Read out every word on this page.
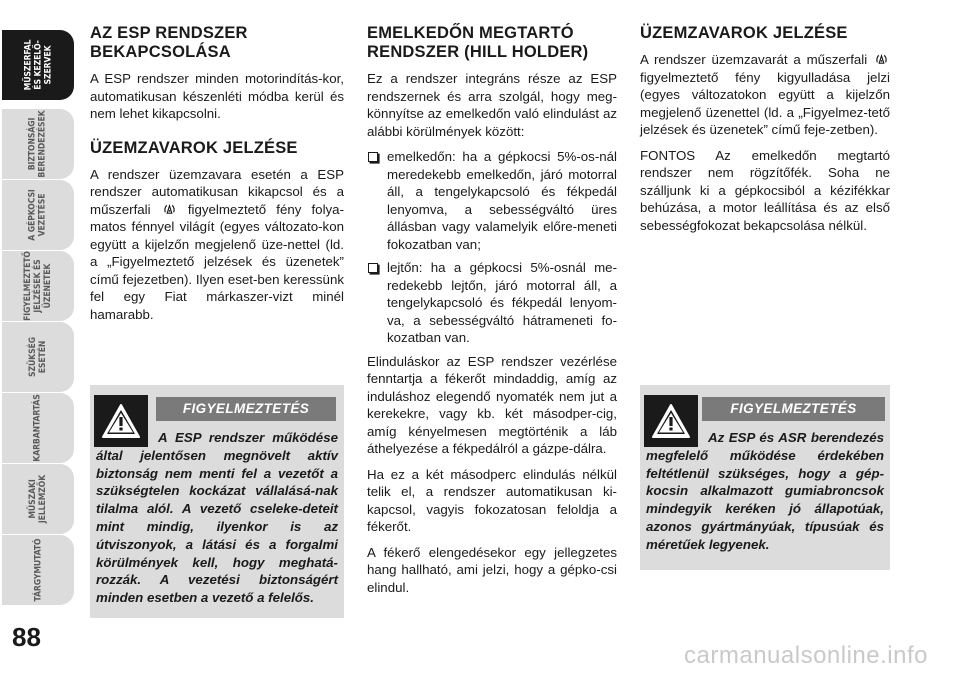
MŰSZERFAL
ÉS KEZELŐ-
SZERVEK
BIZTONSÁGI
BERENDEZÉSEK
A GÉPKOCSI
VEZETÉSE
FIGYELMEZTETŐ
JELZÉSEK ÉS
ÜZENETEK
SZÜKSÉG
ESETÉN
KARBANTARTÁS
MŰSZAKI
JELLEMZŐK
TÁRGYMUTATÓ
88
AZ ESP RENDSZER BEKAPCSOLÁSA

A ESP rendszer minden motorindítás-kor, automatikusan készenléti módba kerül és nem lehet kikapcsolni.

ÜZEMZAVAROK JELZÉSE

A rendszer üzemzavara esetén a ESP rendszer automatikusan kikapcsol és a műszerfali	figyelmeztető fény folya-matos fénnyel világít (egyes változato-kon együtt a kijelzőn megjelenő üze-nettel (ld. a „Figyelmeztető jelzések és üzenetek” című fejezetben). Ilyen eset-ben keressünk fel egy Fiat márkaszer-vizt minél hamarabb.

FIGYELMEZTETÉS
A ESP rendszer működése által jelentősen megnövelt aktív biztonság nem menti fel a vezetőt a szükségtelen kockázat vállalásá-nak tilalma alól. A vezető cseleke-deteit mint mindig, ilyenkor is az útviszonyok, a látási és a forgalmi körülmények kell, hogy meghatá-rozzák. A vezetési biztonságért minden esetben a vezető a felelős.
EMELKEDŐN MEGTARTÓ RENDSZER (HILL HOLDER)

Ez a rendszer integráns része az ESP rendszernek és arra szolgál, hogy meg-könnyítse az emelkedőn való elindulást az alábbi körülmények között:

emelkedőn: ha a gépkocsi 5%-os-nál meredekebb emelkedőn, járó motorral áll, a tengelykapcsoló és fékpedál lenyomva, a sebességváltó üres állásban vagy valamelyik előre-meneti fokozatban van;
lejtőn: ha a gépkocsi 5%-osnál me-redekebb lejtőn, járó motorral áll, a tengelykapcsoló és fékpedál lenyom-va, a sebességváltó hátrameneti fo-kozatban van.

Elinduláskor az ESP rendszer vezérlése fenntartja a fékerőt mindaddig, amíg az induláshoz elegendő nyomaték nem jut a kerekekre, vagy kb. két másodper-cig, amíg kényelmesen megtörténik a láb áthelyezése a fékpedálról a gázpe-dálra.

Ha ez a két másodperc elindulás nélkül telik el, a rendszer automatikusan ki-kapcsol, vagyis fokozatosan feloldja a fékerőt.

A fékerő elengedésekor egy jellegzetes hang hallható, ami jelzi, hogy a gépko-csi elindul.

ÜZEMZAVAROK JELZÉSE

A rendszer üzemzavarát a műszerfali  figyelmeztető fény kigyulladása jelzi (egyes változatokon együtt a kijelzőn megjelenő üzenettel (ld. a „Figyelmez-tető jelzések és üzenetek” című feje-zetben).

FONTOS Az emelkedőn megtartó rendszer nem rögzítőfék. Soha ne szálljunk ki a gépkocsiból a kézifékkar behúzása, a motor leállítása és az első sebességfokozat bekapcsolása nélkül.

FIGYELMEZTETÉS
Az ESP és ASR berendezés megfelelő működése érdekében feltétlenül szükséges, hogy a gép-kocsin alkalmazott gumiabroncsok mindegyik keréken jó állapotúak, azonos gyártmányúak, típusúak és méretűek legyenek.
carmanualsonline.info
